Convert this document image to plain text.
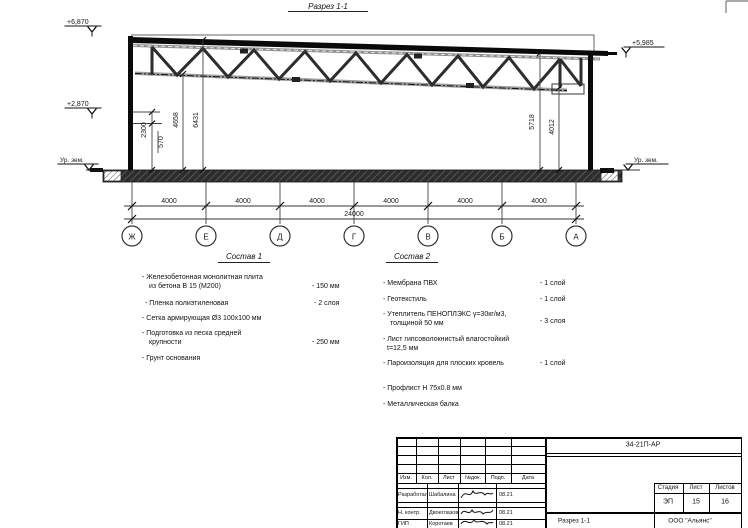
2300
570
4658 6431	5718 4012
+6,870
+2,870
Ур. зем.
+5,985
Ур. зем.
4000	4000	4000	4000	4000	4000
24000
Ж	Е	Д	Г	В	Б	А
Разрез 1-1
Состав 1
- Железобетонная монолитная плита
из бетона В 15 (М200)	- 150 мм
- Пленка полиэтиленовая	- 2 слоя
- Сетка армирующая Ø3 100x100 мм
- Подготовка из песка средней
крупности	- 250 мм
- Грунт основания
Состав 2
- Мембрана ПВХ	- 1 слой
- Геотекстиль	- 1 слой
- Утеплитель ПЕНОПЛЭКС γ=30кг/м3,
толщиной 50 мм	- 3 слоя
- Лист гипсоволокнистый влагостойкий
t=12,5 мм
- Пароизоляция для плоских кровель	- 1 слой
- Профлист Н 75x0.8 мм
- Металлическая балка
34-21П-АР
Изм. Кол. Лист №док. Подп.	Дата
Разработал Шабалина	08.21
Н. контр. Двоеглазов	08.21
ГИП	Коротаев	08.21
Стадия Лист Листов
ЭП	15	16
Разрез 1-1	ООО "Альянс"
